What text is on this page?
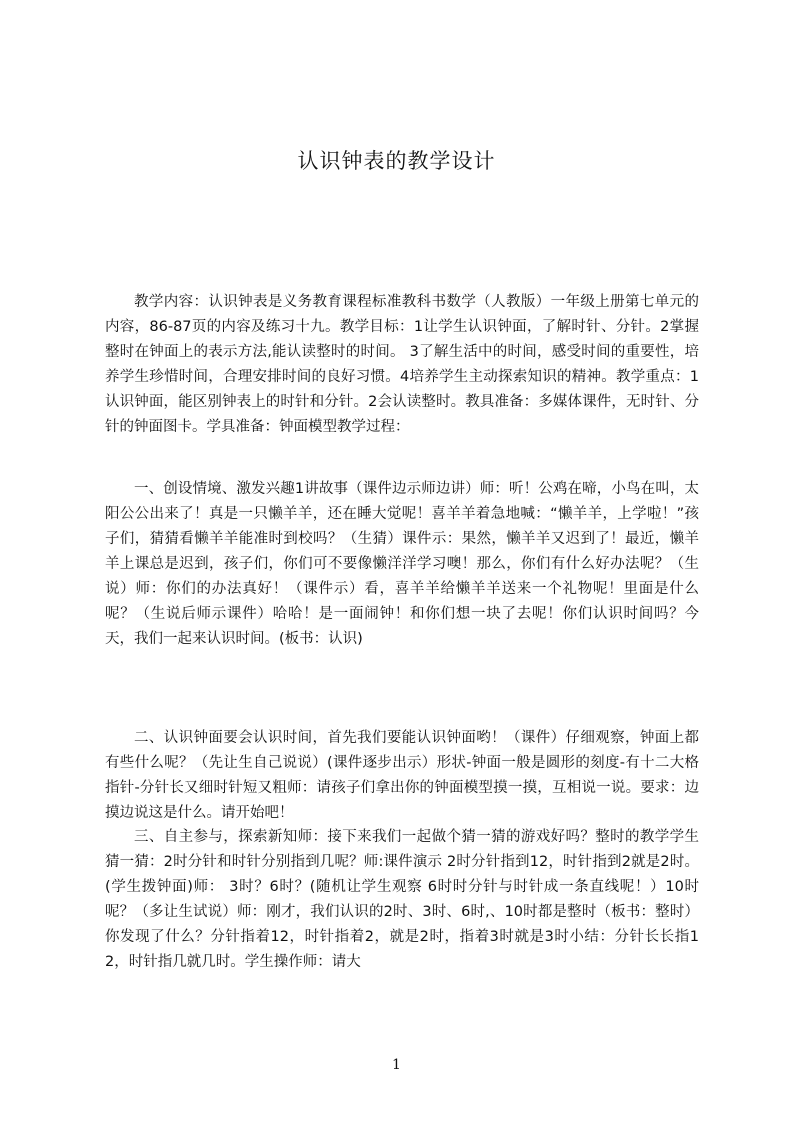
认识钟表的教学设计

教学内容：认识钟表是义务教育课程标准教科书数学（人教版）一年级上册第七单元的内容，86-87页的内容及练习十九。教学目标：1让学生认识钟面，了解时针、分针。2掌握整时在钟面上的表示方法,能认读整时的时间。 3了解生活中的时间，感受时间的重要性，培养学生珍惜时间，合理安排时间的良好习惯。4培养学生主动探索知识的精神。教学重点：1认识钟面，能区别钟表上的时针和分针。2会认读整时。教具准备：多媒体课件，无时针、分针的钟面图卡。学具准备：钟面模型教学过程：

一、创设情境、激发兴趣1讲故事（课件边示师边讲）师：听！公鸡在啼，小鸟在叫，太阳公公出来了！真是一只懒羊羊，还在睡大觉呢！喜羊羊着急地喊：“懒羊羊，上学啦！”孩子们，猜猜看懒羊羊能准时到校吗？（生猜）课件示：果然，懒羊羊又迟到了！最近，懒羊羊上课总是迟到，孩子们，你们可不要像懒洋洋学习噢！那么，你们有什么好办法呢？（生说）师：你们的办法真好！（课件示）看，喜羊羊给懒羊羊送来一个礼物呢！里面是什么呢？（生说后师示课件）哈哈！是一面闹钟！和你们想一块了去呢！你们认识时间吗？今天，我们一起来认识时间。(板书：认识)

二、认识钟面要会认识时间，首先我们要能认识钟面哟！（课件）仔细观察，钟面上都有些什么呢？（先让生自己说说）(课件逐步出示）形状-钟面一般是圆形的刻度-有十二大格指针-分针长又细时针短又粗师：请孩子们拿出你的钟面模型摸一摸，互相说一说。要求：边摸边说这是什么。请开始吧！

三、自主参与，探索新知师：接下来我们一起做个猜一猜的游戏好吗？整时的教学学生猜一猜：2时分针和时针分别指到几呢？师:课件演示 2时分针指到12，时针指到2就是2时。(学生拨钟面)师： 3时？6时？(随机让学生观察 6时时分针与时针成一条直线呢！）10时呢？（多让生试说）师：刚才，我们认识的2时、3时、6时,、10时都是整时（板书：整时）你发现了什么？分针指着12，时针指着2，就是2时，指着3时就是3时小结：分针长长指12，时针指几就几时。学生操作师：请大

1
